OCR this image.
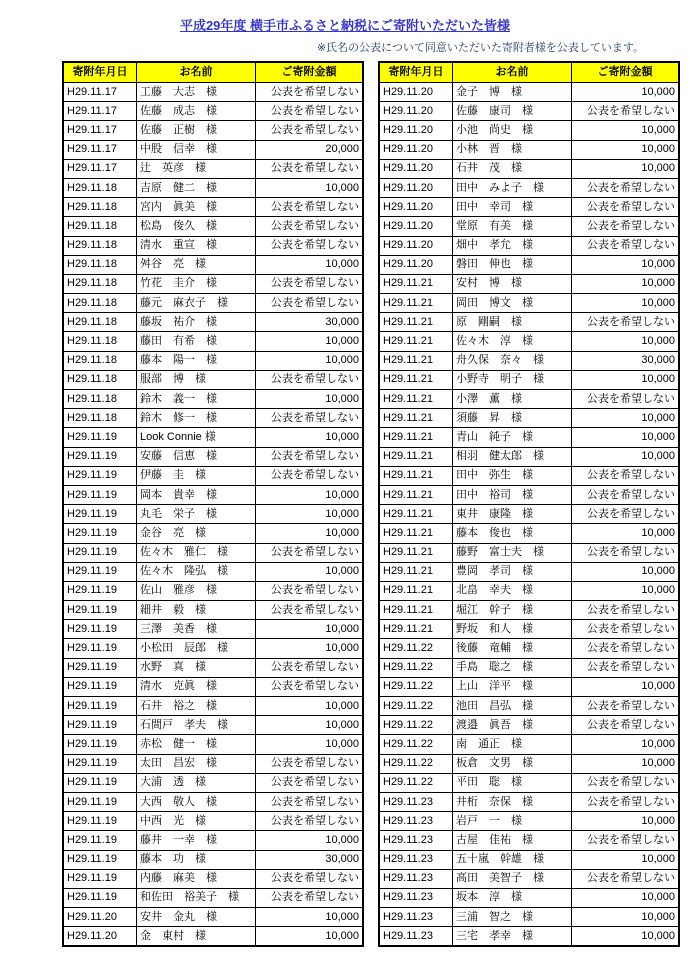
平成29年度 横手市ふるさと納税にご寄附いただいた皆様
※氏名の公表について同意いただいた寄附者様を公表しています。
寄附年月日	お名前	ご寄附金額
H29.11.17	工藤　大志　様	公表を希望しない
H29.11.17	佐藤　成志　様	公表を希望しない
H29.11.17	佐藤　正樹　様	公表を希望しない
H29.11.17	中股　信幸　様	20,000
H29.11.17	辻　英彦　様	公表を希望しない
H29.11.18	吉原　健二　様	10,000
H29.11.18	宮内　眞美　様	公表を希望しない
H29.11.18	松島　俊久　様	公表を希望しない
H29.11.18	清水　重宣　様	公表を希望しない
H29.11.18	舛谷　亮　様	10,000
H29.11.18	竹花　圭介　様	公表を希望しない
H29.11.18	藤元　麻衣子　様	公表を希望しない
H29.11.18	藤坂　祐介　様	30,000
H29.11.18	藤田　有希　様	10,000
H29.11.18	藤本　陽一　様	10,000
H29.11.18	服部　博　様	公表を希望しない
H29.11.18	鈴木　義一　様	10,000
H29.11.18	鈴木　修一　様	公表を希望しない
H29.11.19	Look Connie 様	10,000
H29.11.19	安藤　信恵　様	公表を希望しない
H29.11.19	伊藤　圭　様	公表を希望しない
H29.11.19	岡本　貴幸　様	10,000
H29.11.19	丸毛　栄子　様	10,000
H29.11.19	金谷　亮　様	10,000
H29.11.19	佐々木　雅仁　様	公表を希望しない
H29.11.19	佐々木　隆弘　様	10,000
H29.11.19	佐山　雅彦　様	公表を希望しない
H29.11.19	細井　毅　様	公表を希望しない
H29.11.19	三澤　美香　様	10,000
H29.11.19	小松田　辰郎　様	10,000
H29.11.19	水野　真　様	公表を希望しない
H29.11.19	清水　克眞　様	公表を希望しない
H29.11.19	石井　裕之　様	10,000
H29.11.19	石間戸　孝夫　様	10,000
H29.11.19	赤松　健一　様	10,000
H29.11.19	太田　昌宏　様	公表を希望しない
H29.11.19	大浦　透　様	公表を希望しない
H29.11.19	大西　敬人　様	公表を希望しない
H29.11.19	中西　光　様	公表を希望しない
H29.11.19	藤井　一幸　様	10,000
H29.11.19	藤本　功　様	30,000
H29.11.19	内藤　麻美　様	公表を希望しない
H29.11.19	和佐田　裕美子　様	公表を希望しない
H29.11.20	安井　金丸　様	10,000
H29.11.20	金　東村　様	10,000
寄附年月日	お名前	ご寄附金額
H29.11.20	金子　博　様	10,000
H29.11.20	佐藤　康司　様	公表を希望しない
H29.11.20	小池　尚史　様	10,000
H29.11.20	小林　晋　様	10,000
H29.11.20	石井　茂　様	10,000
H29.11.20	田中　みよ子　様	公表を希望しない
H29.11.20	田中　幸司　様	公表を希望しない
H29.11.20	堂原　有美　様	公表を希望しない
H29.11.20	畑中　孝允　様	公表を希望しない
H29.11.20	磐田　伸也　様	10,000
H29.11.21	安村　博　様	10,000
H29.11.21	岡田　博文　様	10,000
H29.11.21	原　剛嗣　様	公表を希望しない
H29.11.21	佐々木　淳　様	10,000
H29.11.21	舟久保　奈々　様	30,000
H29.11.21	小野寺　明子　様	10,000
H29.11.21	小澤　薫　様	公表を希望しない
H29.11.21	須藤　昇　様	10,000
H29.11.21	青山　純子　様	10,000
H29.11.21	相羽　健太郎　様	10,000
H29.11.21	田中　弥生　様	公表を希望しない
H29.11.21	田中　裕司　様	公表を希望しない
H29.11.21	東井　康隆　様	公表を希望しない
H29.11.21	藤本　俊也　様	10,000
H29.11.21	藤野　富士夫　様	公表を希望しない
H29.11.21	豊岡　孝司　様	10,000
H29.11.21	北畠　幸夫　様	10,000
H29.11.21	堀江　幹子　様	公表を希望しない
H29.11.21	野坂　和人　様	公表を希望しない
H29.11.22	後藤　竜輔　様	公表を希望しない
H29.11.22	手島　聡之　様	公表を希望しない
H29.11.22	上山　洋平　様	10,000
H29.11.22	池田　昌弘　様	公表を希望しない
H29.11.22	渡邉　眞吾　様	公表を希望しない
H29.11.22	南　通正　様	10,000
H29.11.22	板倉　文男　様	10,000
H29.11.22	平田　聡　様	公表を希望しない
H29.11.23	井桁　奈保　様	公表を希望しない
H29.11.23	岩戸　一　様	10,000
H29.11.23	古屋　佳祐　様	公表を希望しない
H29.11.23	五十嵐　幹雄　様	10,000
H29.11.23	高田　美智子　様	公表を希望しない
H29.11.23	坂本　淳　様	10,000
H29.11.23	三浦　智之　様	10,000
H29.11.23	三宅　孝幸　様	10,000
